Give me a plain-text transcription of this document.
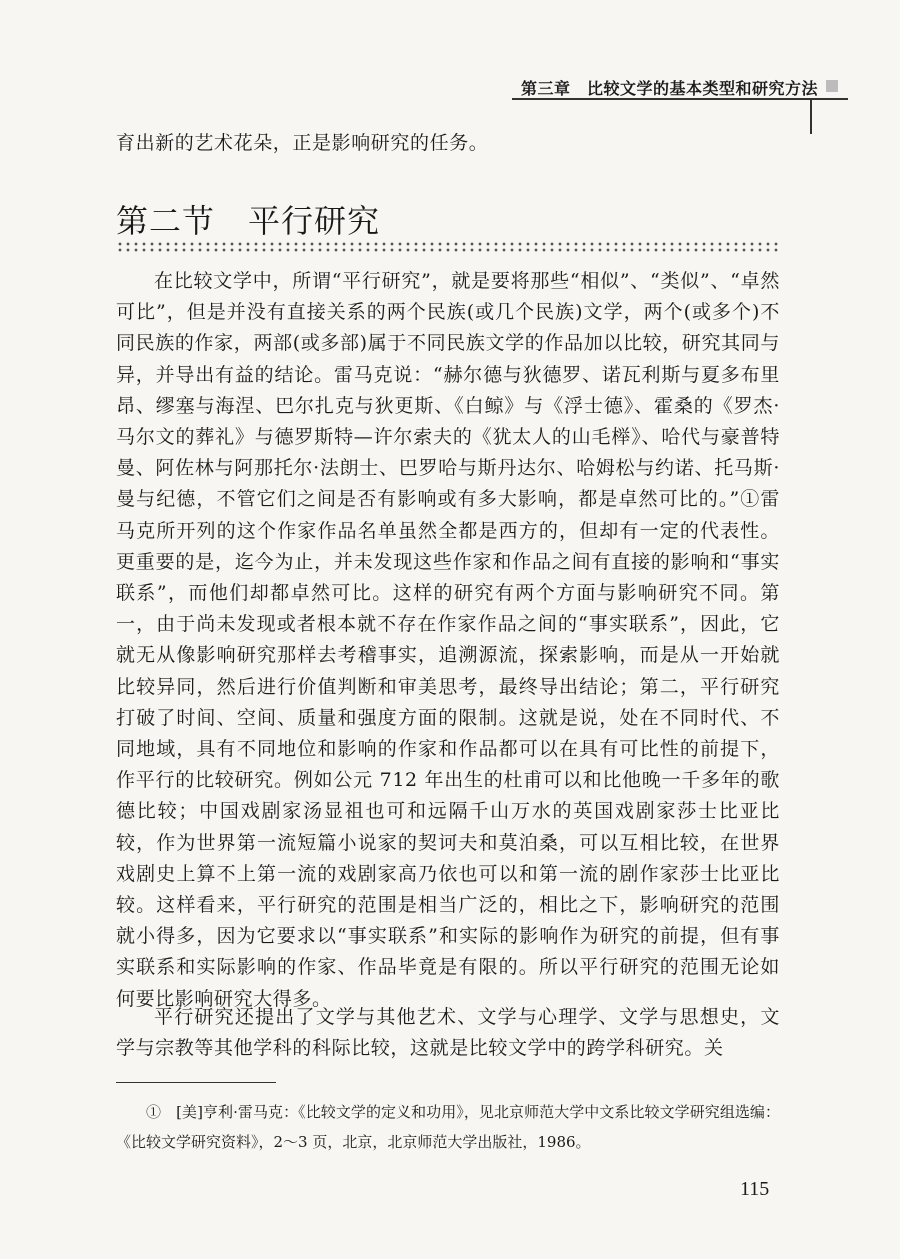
第三章　比较文学的基本类型和研究方法

育出新的艺术花朵，正是影响研究的任务。

第二节　平行研究

在比较文学中，所谓“平行研究”，就是要将那些“相似”、“类似”、“卓然可比”，但是并没有直接关系的两个民族(或几个民族)文学，两个(或多个)不同民族的作家，两部(或多部)属于不同民族文学的作品加以比较，研究其同与异，并导出有益的结论。雷马克说：“赫尔德与狄德罗、诺瓦利斯与夏多布里昂、缪塞与海涅、巴尔扎克与狄更斯、《白鲸》与《浮士德》、霍桑的《罗杰·马尔文的葬礼》与德罗斯特—许尔索夫的《犹太人的山毛榉》、哈代与豪普特曼、阿佐林与阿那托尔·法朗士、巴罗哈与斯丹达尔、哈姆松与约诺、托马斯·曼与纪德，不管它们之间是否有影响或有多大影响，都是卓然可比的。”①雷马克所开列的这个作家作品名单虽然全都是西方的，但却有一定的代表性。更重要的是，迄今为止，并未发现这些作家和作品之间有直接的影响和“事实联系”，而他们却都卓然可比。这样的研究有两个方面与影响研究不同。第一，由于尚未发现或者根本就不存在作家作品之间的“事实联系”，因此，它就无从像影响研究那样去考稽事实，追溯源流，探索影响，而是从一开始就比较异同，然后进行价值判断和审美思考，最终导出结论；第二，平行研究打破了时间、空间、质量和强度方面的限制。这就是说，处在不同时代、不同地域，具有不同地位和影响的作家和作品都可以在具有可比性的前提下，作平行的比较研究。例如公元 712 年出生的杜甫可以和比他晚一千多年的歌德比较；中国戏剧家汤显祖也可和远隔千山万水的英国戏剧家莎士比亚比较，作为世界第一流短篇小说家的契诃夫和莫泊桑，可以互相比较，在世界戏剧史上算不上第一流的戏剧家高乃依也可以和第一流的剧作家莎士比亚比较。这样看来，平行研究的范围是相当广泛的，相比之下，影响研究的范围就小得多，因为它要求以“事实联系”和实际的影响作为研究的前提，但有事实联系和实际影响的作家、作品毕竟是有限的。所以平行研究的范围无论如何要比影响研究大得多。

平行研究还提出了文学与其他艺术、文学与心理学、文学与思想史，文学与宗教等其他学科的科际比较，这就是比较文学中的跨学科研究。关

①　[美]亨利·雷马克：《比较文学的定义和功用》，见北京师范大学中文系比较文学研究组选编：《比较文学研究资料》，2～3 页，北京，北京师范大学出版社，1986。

115
